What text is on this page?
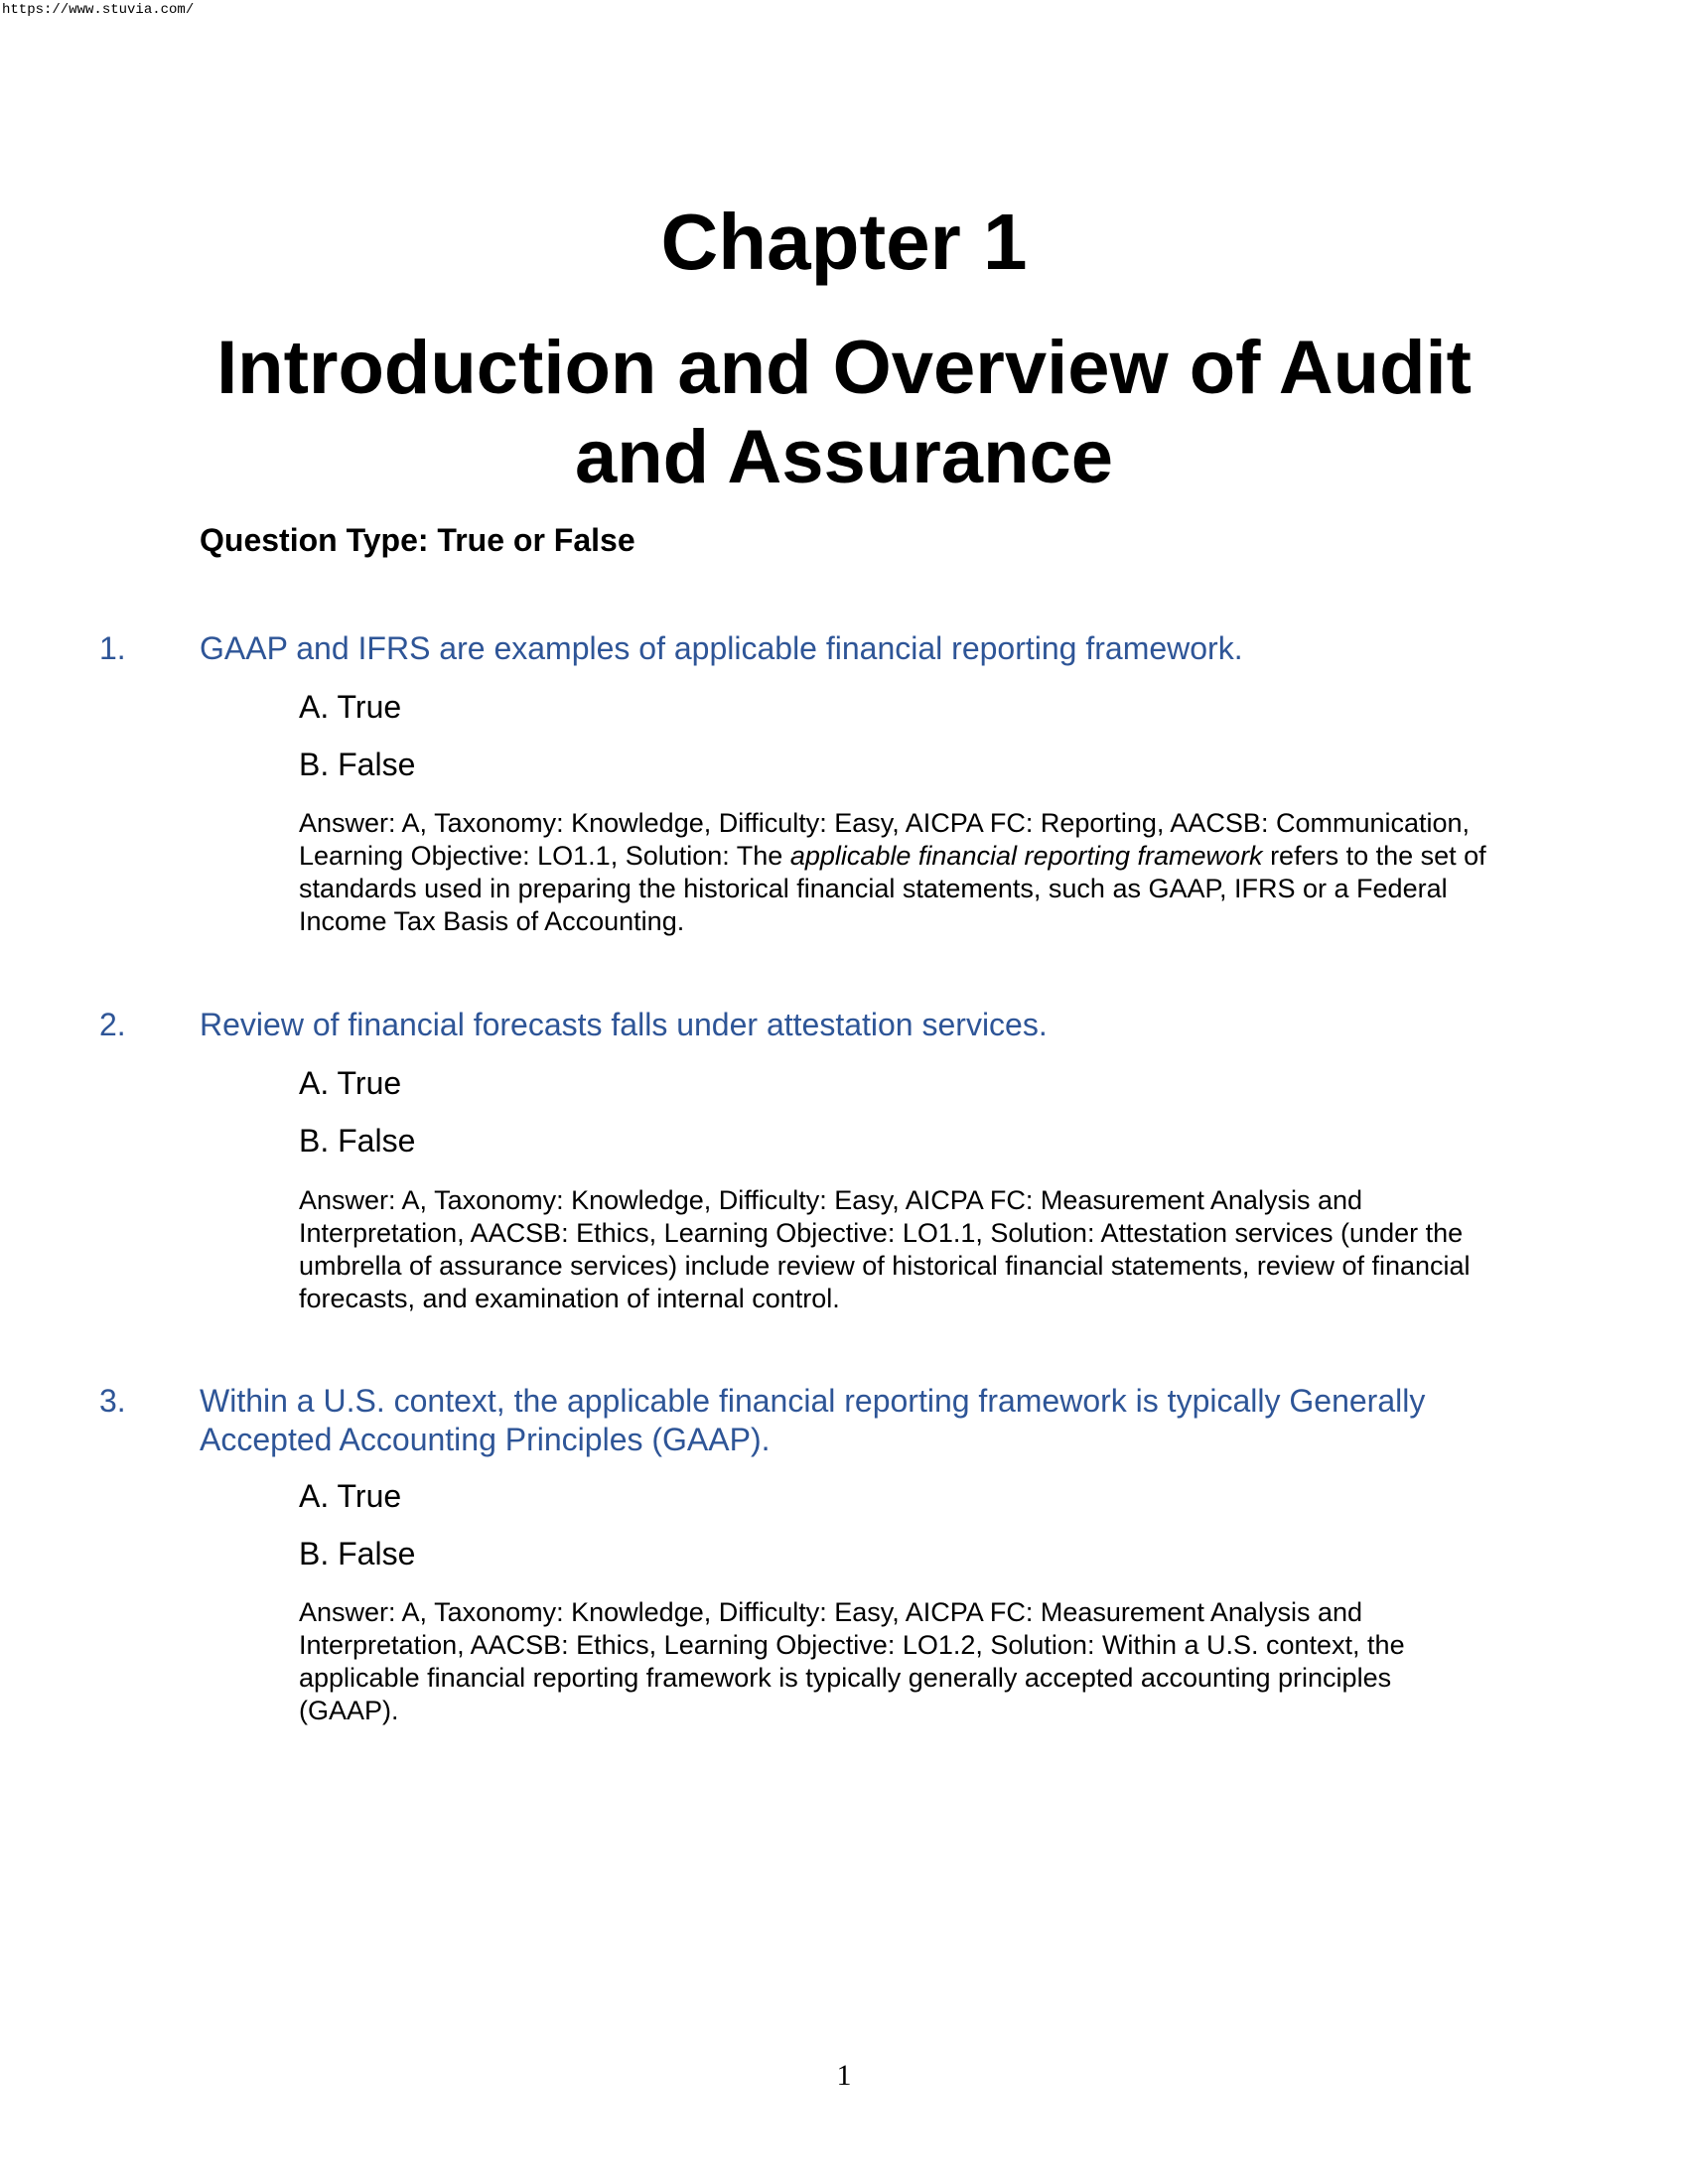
https://www.stuvia.com/
Chapter 1
Introduction and Overview of Audit and Assurance
Question Type: True or False
1. GAAP and IFRS are examples of applicable financial reporting framework.
A. True
B. False
Answer: A, Taxonomy: Knowledge, Difficulty: Easy, AICPA FC: Reporting, AACSB: Communication, Learning Objective: LO1.1, Solution: The applicable financial reporting framework refers to the set of standards used in preparing the historical financial statements, such as GAAP, IFRS or a Federal Income Tax Basis of Accounting.
2. Review of financial forecasts falls under attestation services.
A. True
B. False
Answer: A, Taxonomy: Knowledge, Difficulty: Easy, AICPA FC: Measurement Analysis and Interpretation, AACSB: Ethics, Learning Objective: LO1.1, Solution: Attestation services (under the umbrella of assurance services) include review of historical financial statements, review of financial forecasts, and examination of internal control.
3. Within a U.S. context, the applicable financial reporting framework is typically Generally Accepted Accounting Principles (GAAP).
A. True
B. False
Answer: A, Taxonomy: Knowledge, Difficulty: Easy, AICPA FC: Measurement Analysis and Interpretation, AACSB: Ethics, Learning Objective: LO1.2, Solution: Within a U.S. context, the applicable financial reporting framework is typically generally accepted accounting principles (GAAP).
1
